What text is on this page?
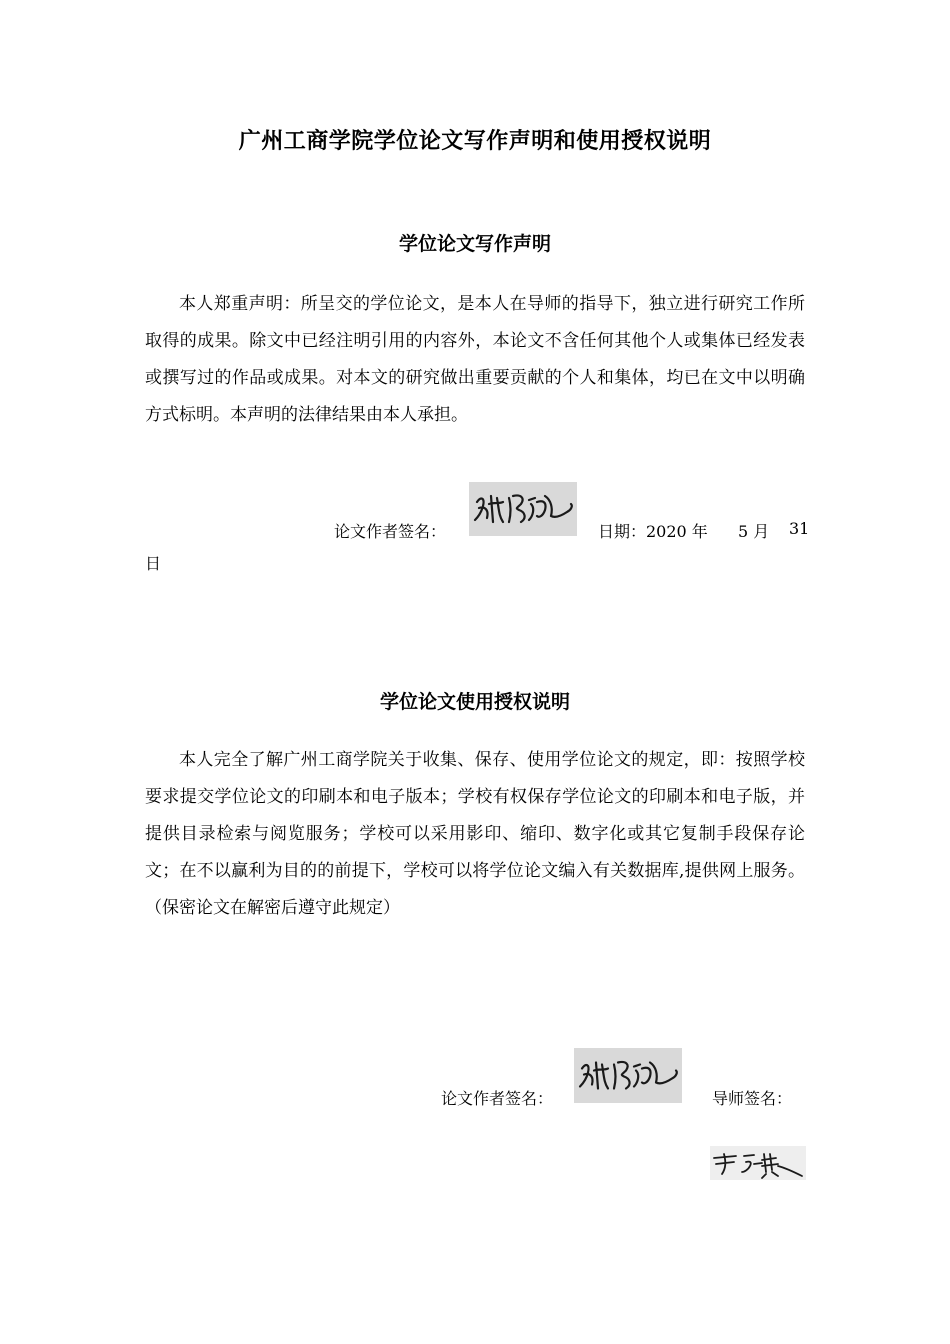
广州工商学院学位论文写作声明和使用授权说明
学位论文写作声明

本人郑重声明：所呈交的学位论文，是本人在导师的指导下，独立进行研究工作所取得的成果。除文中已经注明引用的内容外，本论文不含任何其他个人或集体已经发表或撰写过的作品或成果。对本文的研究做出重要贡献的个人和集体，均已在文中以明确方式标明。本声明的法律结果由本人承担。

论文作者签名：	日期：2020 年 5 月 31
日
学位论文使用授权说明

本人完全了解广州工商学院关于收集、保存、使用学位论文的规定，即：按照学校要求提交学位论文的印刷本和电子版本；学校有权保存学位论文的印刷本和电子版，并提供目录检索与阅览服务；学校可以采用影印、缩印、数字化或其它复制手段保存论文；在不以赢利为目的的前提下，学校可以将学位论文编入有关数据库,提供网上服务。（保密论文在解密后遵守此规定）

论文作者签名：	导师签名：
